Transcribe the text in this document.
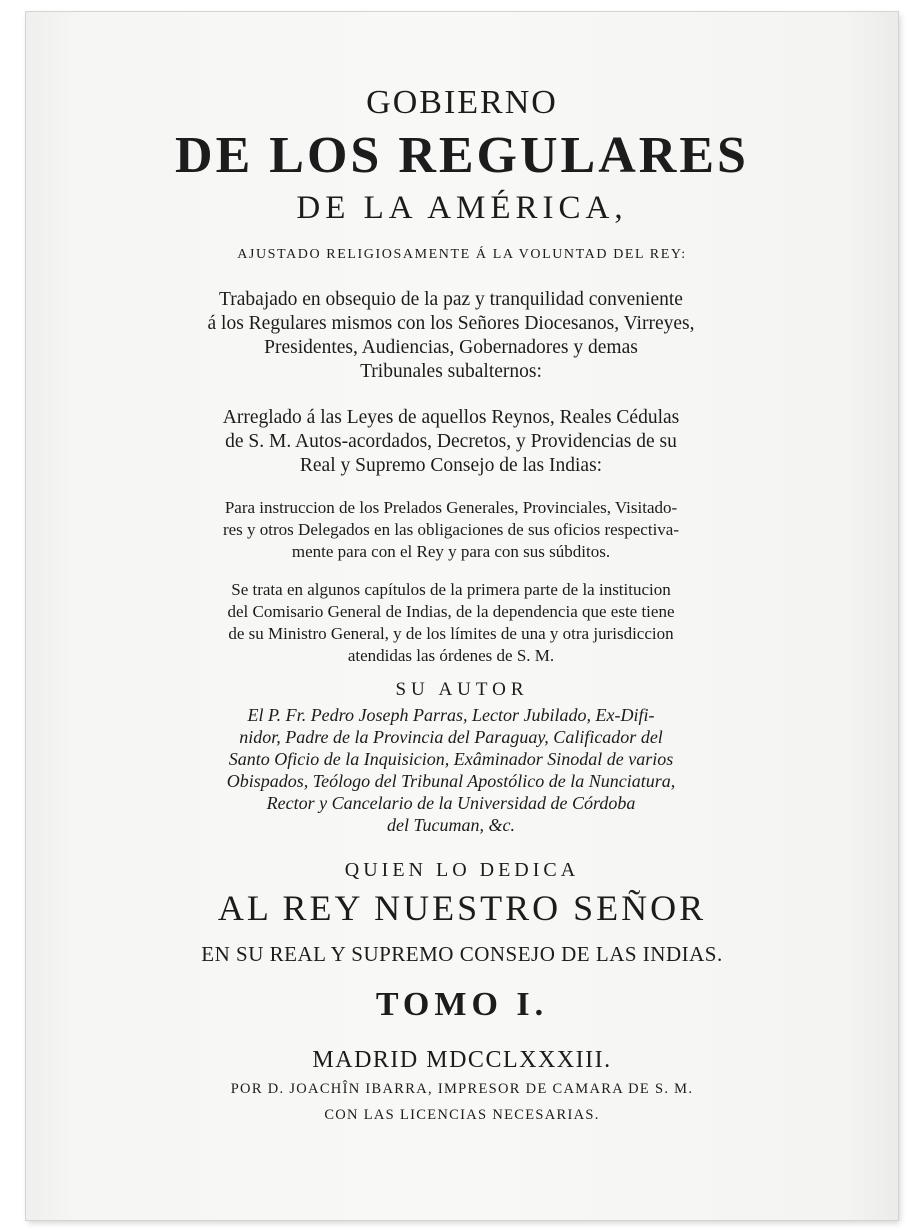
GOBIERNO
DE LOS REGULARES
DE LA AMÉRICA,
AJUSTADO RELIGIOSAMENTE Á LA VOLUNTAD DEL REY:
Trabajado en obsequio de la paz y tranquilidad conveniente
á los Regulares mismos con los Señores Diocesanos, Virreyes,
Presidentes, Audiencias, Gobernadores y demas
Tribunales subalternos:
Arreglado á las Leyes de aquellos Reynos, Reales Cédulas
de S. M. Autos-acordados, Decretos, y Providencias de su
Real y Supremo Consejo de las Indias:
Para instruccion de los Prelados Generales, Provinciales, Visitado-
res y otros Delegados en las obligaciones de sus oficios respectiva-
mente para con el Rey y para con sus súbditos.
Se trata en algunos capítulos de la primera parte de la institucion
del Comisario General de Indias, de la dependencia que este tiene
de su Ministro General, y de los límites de una y otra jurisdiccion
atendidas las órdenes de S. M.
SU AUTOR
El P. Fr. Pedro Joseph Parras, Lector Jubilado, Ex-Difi-
nidor, Padre de la Provincia del Paraguay, Calificador del
Santo Oficio de la Inquisicion, Exâminador Sinodal de varios
Obispados, Teólogo del Tribunal Apostólico de la Nunciatura,
Rector y Cancelario de la Universidad de Córdoba
del Tucuman, &c.
QUIEN LO DEDICA
AL REY NUESTRO SEÑOR
EN SU REAL Y SUPREMO CONSEJO DE LAS INDIAS.
TOMO I.
MADRID MDCCLXXXIII.
POR D. JOACHÎN IBARRA, IMPRESOR DE CAMARA DE S. M.
CON LAS LICENCIAS NECESARIAS.
